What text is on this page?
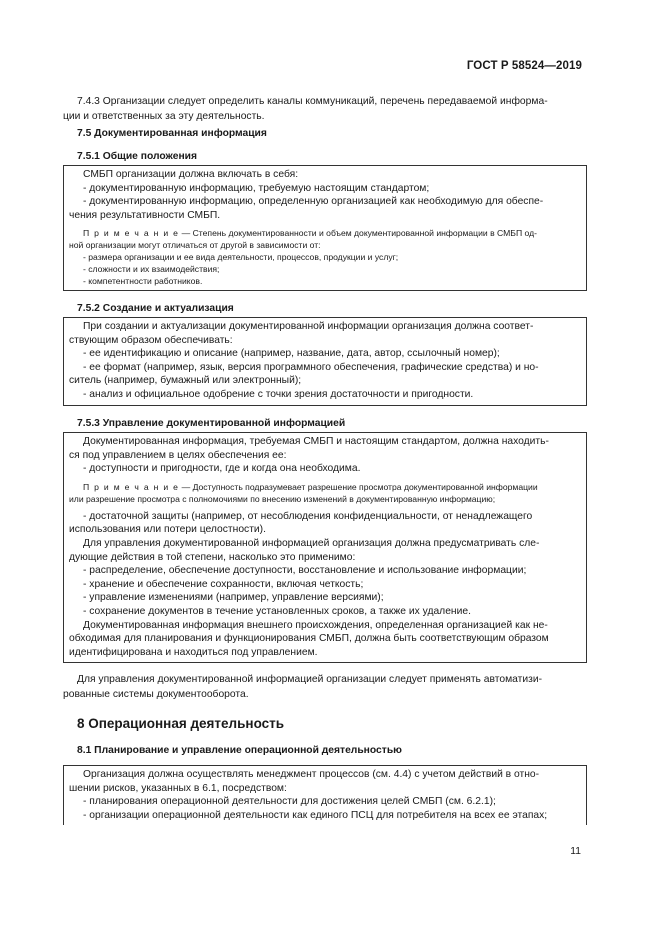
ГОСТ Р 58524—2019

7.4.3 Организации следует определить каналы коммуникаций, перечень передаваемой информа-

ции и ответственных за эту деятельность.

7.5 Документированная информация
7.5.1 Общие положения

СМБП организации должна включать в себя:

- документированную информацию, требуемую настоящим стандартом;

- документированную информацию, определенную организацией как необходимую для обеспе-

чения результативности СМБП.

П р и м е ч а н и е — Степень документированности и объем документированной информации в СМБП од-

ной организации могут отличаться от другой в зависимости от:

- размера организации и ее вида деятельности, процессов, продукции и услуг;

- сложности и их взаимодействия;

- компетентности работников.

7.5.2 Создание и актуализация

При создании и актуализации документированной информации организация должна соответ-

ствующим образом обеспечивать:

- ее идентификацию и описание (например, название, дата, автор, ссылочный номер);

- ее формат (например, язык, версия программного обеспечения, графические средства) и но-

ситель (например, бумажный или электронный);

- анализ и официальное одобрение с точки зрения достаточности и пригодности.

7.5.3 Управление документированной информацией

Документированная информация, требуемая СМБП и настоящим стандартом, должна находить-

ся под управлением в целях обеспечения ее:

- доступности и пригодности, где и когда она необходима.

П р и м е ч а н и е — Доступность подразумевает разрешение просмотра документированной информации

или разрешение просмотра с полномочиями по внесению изменений в документированную информацию;

- достаточной защиты (например, от несоблюдения конфиденциальности, от ненадлежащего

использования или потери целостности).

Для управления документированной информацией организация должна предусматривать сле-

дующие действия в той степени, насколько это применимо:

- распределение, обеспечение доступности, восстановление и использование информации;

- хранение и обеспечение сохранности, включая четкость;

- управление изменениями (например, управление версиями);

- сохранение документов в течение установленных сроков, а также их удаление.

Документированная информация внешнего происхождения, определенная организацией как не-

обходимая для планирования и функционирования СМБП, должна быть соответствующим образом

идентифицирована и находиться под управлением.

Для управления документированной информацией организации следует применять автоматизи-

рованные системы документооборота.

8 Операционная деятельность
8.1 Планирование и управление операционной деятельностью

Организация должна осуществлять менеджмент процессов (см. 4.4) с учетом действий в отно-

шении рисков, указанных в 6.1, посредством:

- планирования операционной деятельности для достижения целей СМБП (см. 6.2.1);

- организации операционной деятельности как единого ПСЦ для потребителя на всех ее этапах;

11
